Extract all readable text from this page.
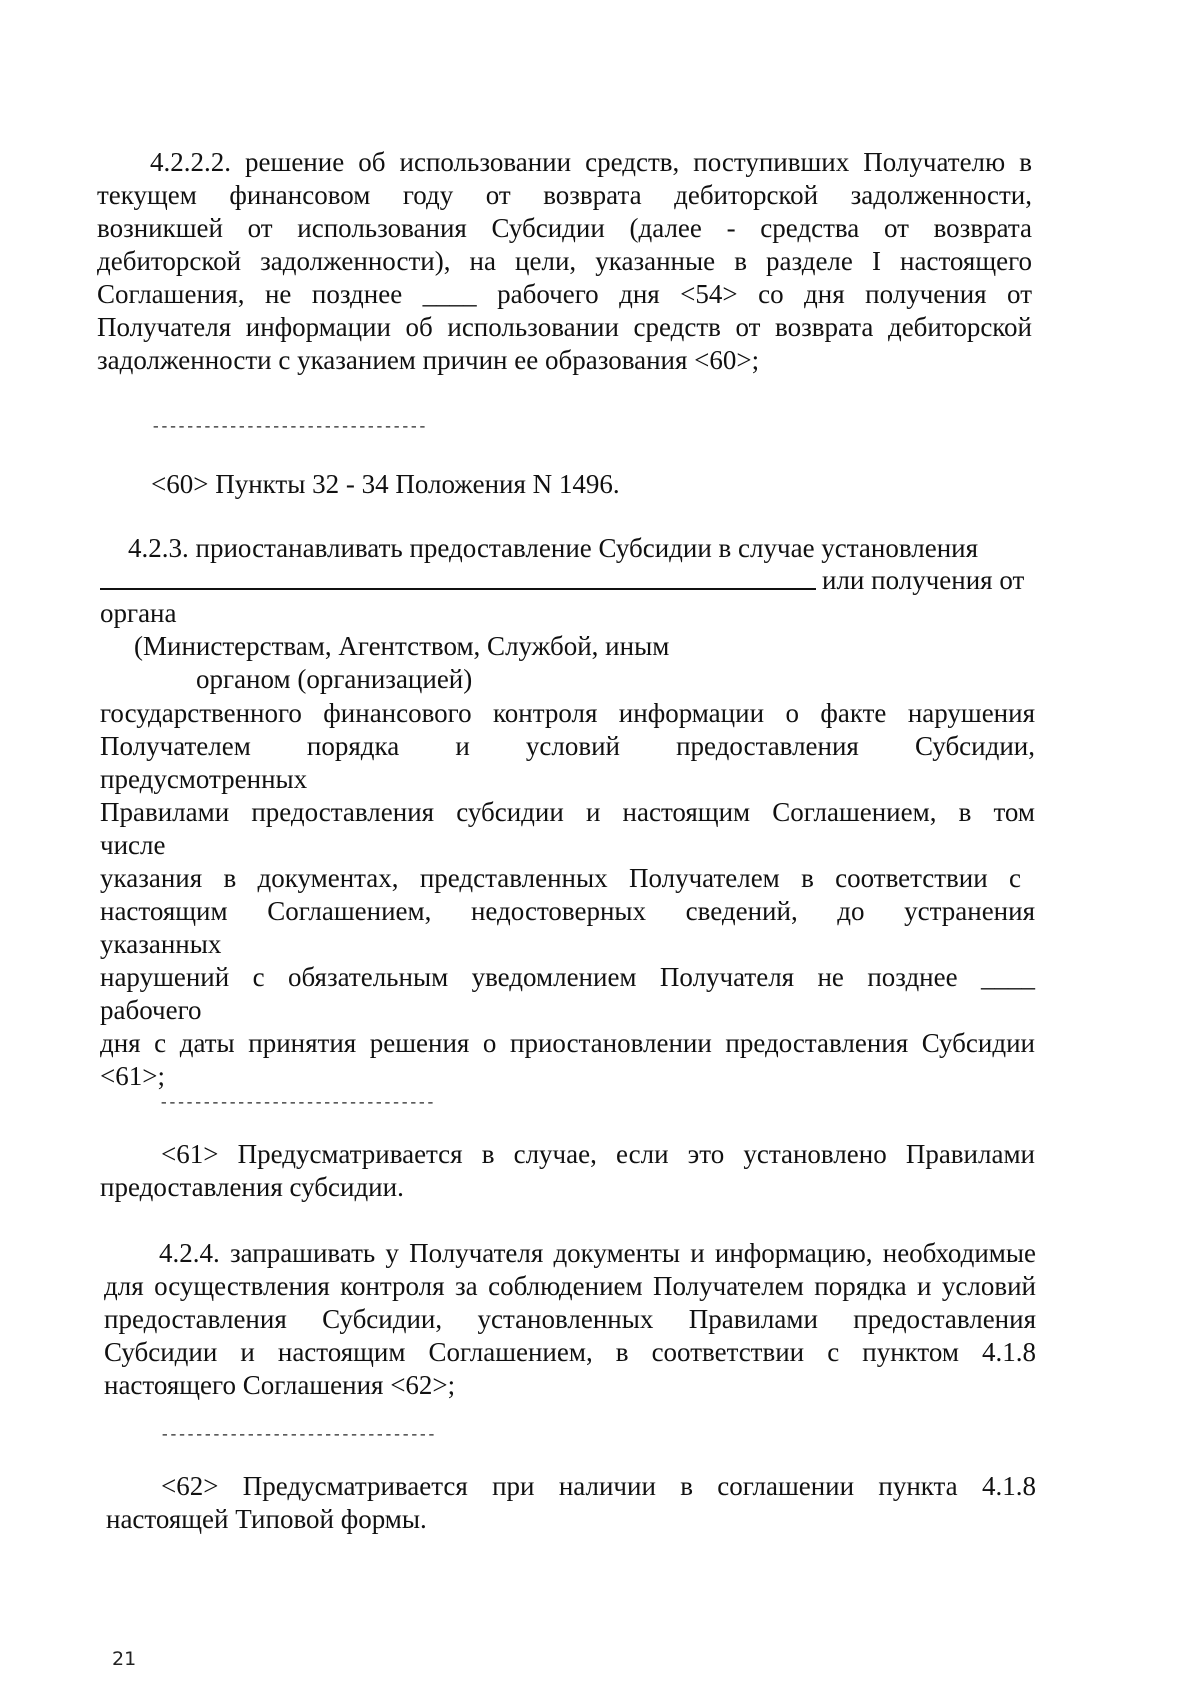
4.2.2.2. решение об использовании средств, поступивших Получателю в
текущем финансовом году от возврата дебиторской задолженности,
возникшей от использования Субсидии (далее - средства от возврата
дебиторской задолженности), на цели, указанные в разделе I настоящего
Соглашения, не позднее ____ рабочего дня <54> со дня получения от
Получателя информации об использовании средств от возврата дебиторской
задолженности с указанием причин ее образования <60>;
--------------------------------
<60> Пункты 32 - 34 Положения N 1496.
4.2.3. приостанавливать предоставление Субсидии в случае установления
или получения от
органа
(Министерствам, Агентством, Службой, иным
органом (организацией)
государственного финансового контроля информации о факте нарушения
Получателем порядка и условий предоставления Субсидии,
предусмотренных
Правилами предоставления субсидии и настоящим Соглашением, в том
числе
указания в документах, представленных Получателем в соответствии с
настоящим Соглашением, недостоверных сведений, до устранения
указанных
нарушений с обязательным уведомлением Получателя не позднее ____
рабочего
дня с даты принятия решения о приостановлении предоставления Субсидии
<61>;
--------------------------------
<61> Предусматривается в случае, если это установлено Правилами
предоставления субсидии.
4.2.4. запрашивать у Получателя документы и информацию, необходимые
для осуществления контроля за соблюдением Получателем порядка и условий
предоставления Субсидии, установленных Правилами предоставления
Субсидии и настоящим Соглашением, в соответствии с пунктом 4.1.8
настоящего Соглашения <62>;
--------------------------------
<62> Предусматривается при наличии в соглашении пункта 4.1.8
настоящей Типовой формы.
21
